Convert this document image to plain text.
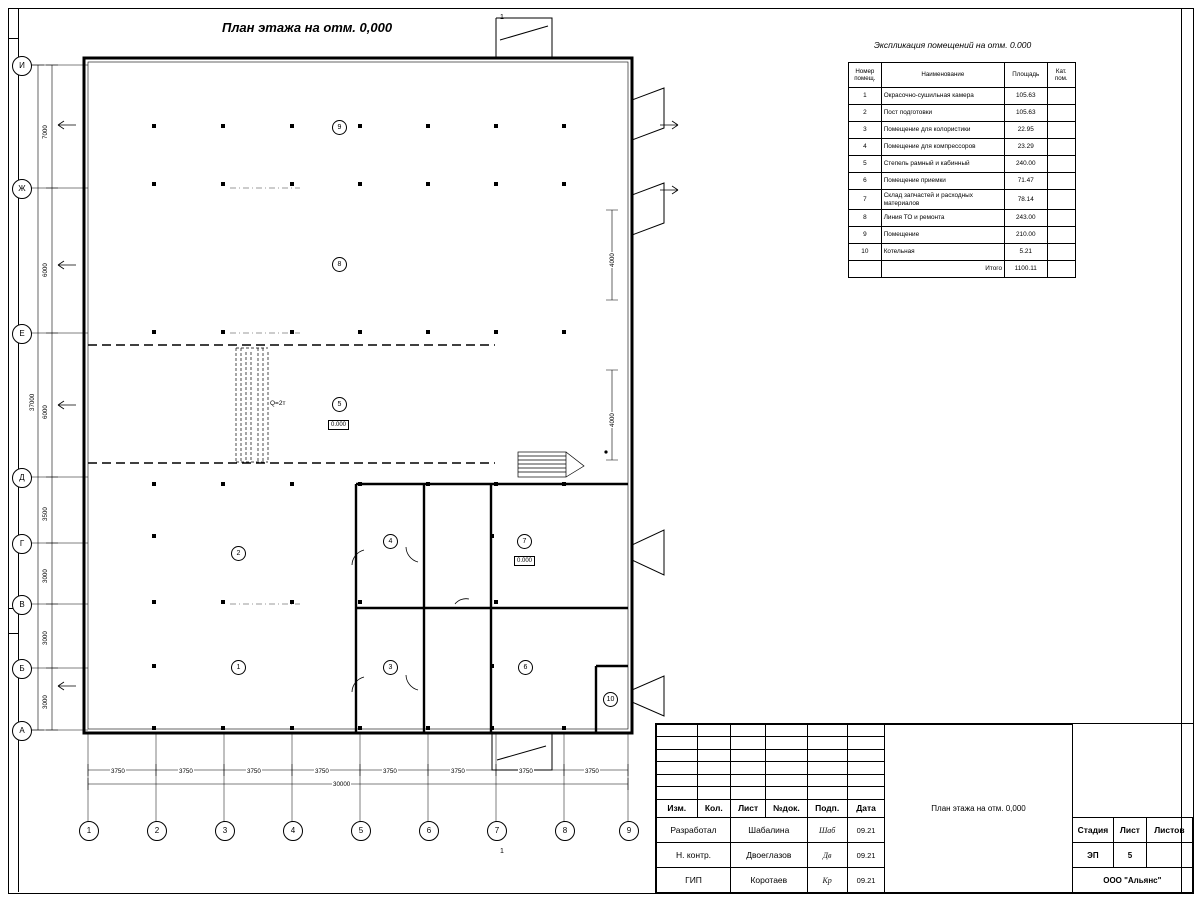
План этажа на отм. 0,000
Экспликация помещений на отм. 0.000
Номер помещ.	Наименование	Площадь	Кат. пом.
1	Окрасочно-сушильная камера	105.63	
2	Пост подготовки	105.63	
3	Помещение для колористики	22.95	
4	Помещение для компрессоров	23.29	
5	Степель рамный и кабинный	240.00	
6	Помещение приемки	71.47	
7	Склад запчастей и расходных материалов	78.14	
8	Линия ТО и ремонта	243.00	
9	Помещение	210.00	
10	Котельная	5.21	
	Итого	1100.11	
И
Ж
Е
Д
Г
В
Б
А
1	2	3	4	5	6	7	8	9
9
8
5
2
4	7
1	3	6
10
0.000
0.000
Q=2т
1
1
3750	3750	3750	3750	3750	3750	3750	3750
30000
7000
6000
6000
3500
3000
3000
3000
37000
4000
4000
						План этажа на отм. 0,000			

Изм.	Кол.	Лист	№док.	Подп.	Дата				
Разработал		Шабалина		Шаб	09.21		Стадия	Лист	Листов
Н. контр.		Двоеглазов		Дв	09.21		ЭП	5	
ГИП		Коротаев		Кр	09.21		ООО "Альянс"		
